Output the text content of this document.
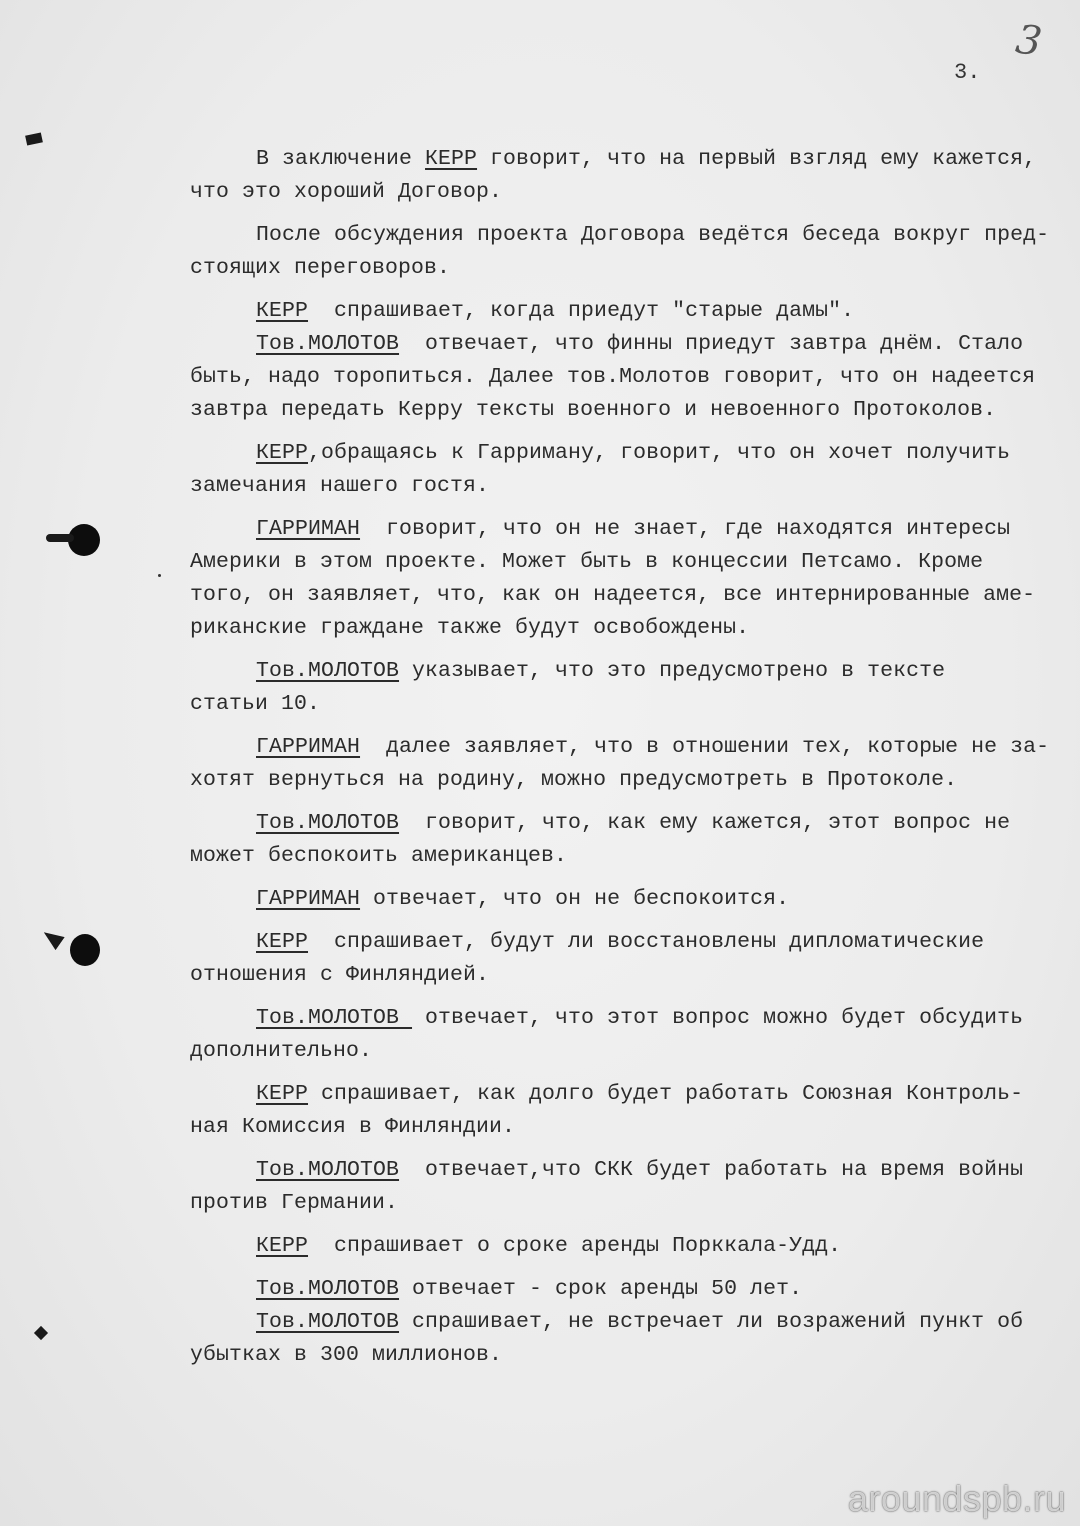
3
3.
В заключение КЕРР говорит, что на первый взгляд ему кажется,
что это хороший Договор.
После обсуждения проекта Договора ведётся беседа вокруг пред-
стоящих переговоров.
КЕРР  спрашивает, когда приедут "старые дамы".
Тов.МОЛОТОВ  отвечает, что финны приедут завтра днём. Стало
быть, надо торопиться. Далее тов.Молотов говорит, что он надеется
завтра передать Керру тексты военного и невоенного Протоколов.
КЕРР,обращаясь к Гарриману, говорит, что он хочет получить
замечания нашего гостя.
ГАРРИМАН  говорит, что он не знает, где находятся интересы
Америки в этом проекте. Может быть в концессии Петсамо. Кроме
того, он заявляет, что, как он надеется, все интернированные аме-
риканские граждане также будут освобождены.
Тов.МОЛОТОВ указывает, что это предусмотрено в тексте
статьи 10.
ГАРРИМАН  далее заявляет, что в отношении тех, которые не за-
хотят вернуться на родину, можно предусмотреть в Протоколе.
Тов.МОЛОТОВ  говорит, что, как ему кажется, этот вопрос не
может беспокоить американцев.
ГАРРИМАН отвечает, что он не беспокоится.
КЕРР  спрашивает, будут ли восстановлены дипломатические
отношения с Финляндией.
Тов.МОЛОТОВ  отвечает, что этот вопрос можно будет обсудить
дополнительно.
КЕРР спрашивает, как долго будет работать Союзная Контроль-
ная Комиссия в Финляндии.
Тов.МОЛОТОВ  отвечает,что СКК будет работать на время войны
против Германии.
КЕРР  спрашивает о сроке аренды Порккала-Удд.
Тов.МОЛОТОВ отвечает - срок аренды 50 лет.
Тов.МОЛОТОВ спрашивает, не встречает ли возражений пункт об
убытках в 300 миллионов.
aroundspb.ru
